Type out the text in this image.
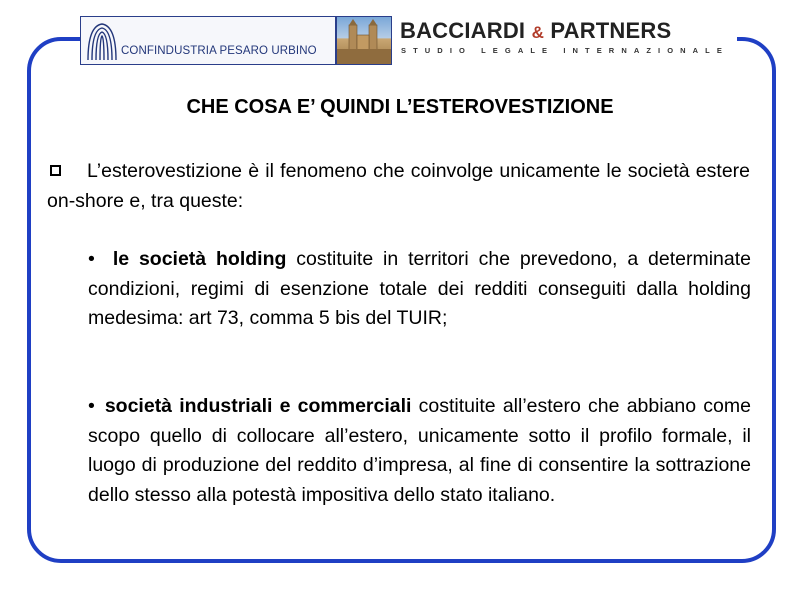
CONFINDUSTRIA PESARO URBINO
BACCIARDI & PARTNERS
STUDIO LEGALE INTERNAZIONALE
CHE COSA E’ QUINDI L’ESTEROVESTIZIONE
L’esterovestizione è il fenomeno che coinvolge unicamente le società estere on-shore e, tra queste:
• le società holding costituite in territori che prevedono, a determinate condizioni, regimi di esenzione totale dei redditi conseguiti dalla holding medesima: art 73, comma 5 bis del TUIR;
• società industriali e commerciali costituite all’estero che abbiano come scopo quello di collocare all’estero, unicamente sotto il profilo formale, il luogo di produzione del reddito d’impresa, al fine di consentire la sottrazione dello stesso alla potestà impositiva dello stato italiano.
